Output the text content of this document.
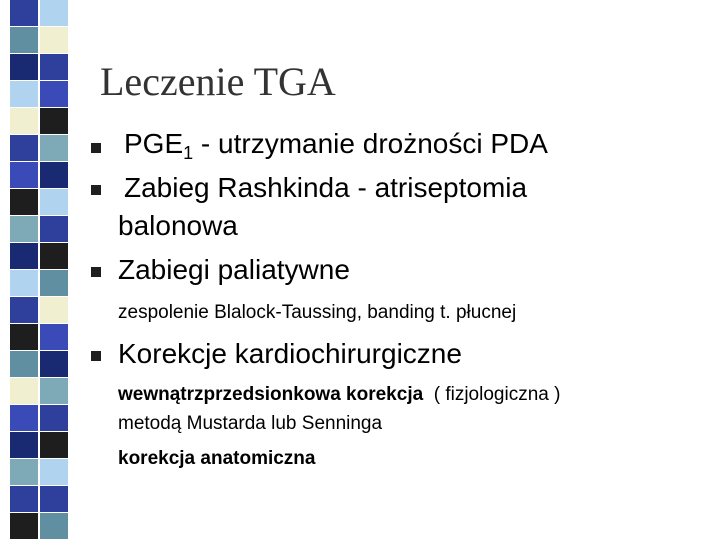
Leczenie TGA
$PGE_1$ - utrzymanie drożności PDA
Zabieg Rashkinda - atriseptomia
balonowa
Zabiegi paliatywne
zespolenie Blalock-Taussing, banding t. płucnej
Korekcje kardiochirurgiczne
wewnątrzprzedsionkowa korekcja  ( fizjologiczna )
metodą Mustarda lub Senninga
korekcja anatomiczna
